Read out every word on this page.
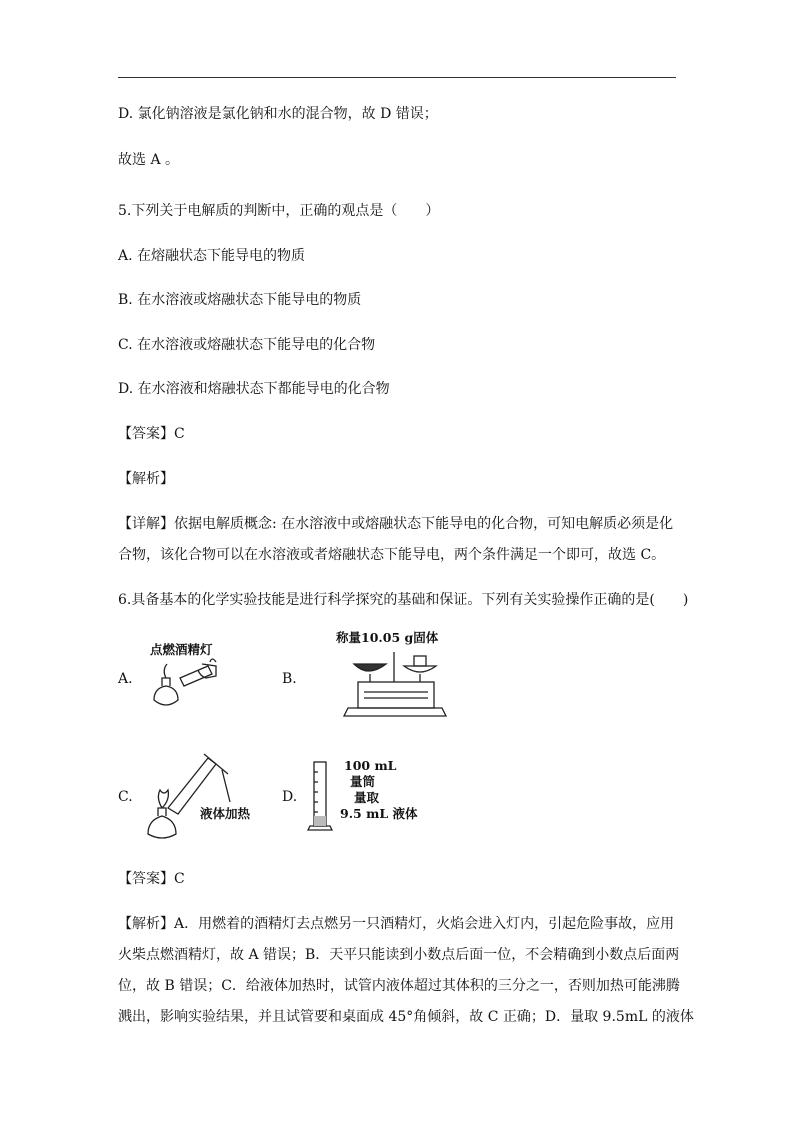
D. 氯化钠溶液是氯化钠和水的混合物，故 D 错误；
故选 A 。
5.下列关于电解质的判断中，正确的观点是（　　）
A. 在熔融状态下能导电的物质
B. 在水溶液或熔融状态下能导电的物质
C. 在水溶液或熔融状态下能导电的化合物
D. 在水溶液和熔融状态下都能导电的化合物
【答案】C
【解析】
【详解】依据电解质概念: 在水溶液中或熔融状态下能导电的化合物，可知电解质必须是化
合物，该化合物可以在水溶液或者熔融状态下能导电，两个条件满足一个即可，故选 C。
6.具备基本的化学实验技能是进行科学探究的基础和保证。下列有关实验操作正确的是(　　)
A.
点燃酒精灯
B.
称量10.05 g固体
C.
液体加热
D.
100 mL
量筒
量取
9.5 mL 液体
【答案】C
【解析】A．用燃着的酒精灯去点燃另一只酒精灯，火焰会进入灯内，引起危险事故，应用
火柴点燃酒精灯，故 A 错误；B．天平只能读到小数点后面一位，不会精确到小数点后面两
位，故 B 错误；C．给液体加热时，试管内液体超过其体积的三分之一，否则加热可能沸腾
溅出，影响实验结果，并且试管要和桌面成 45°角倾斜，故 C 正确；D．量取 9.5mL 的液体
